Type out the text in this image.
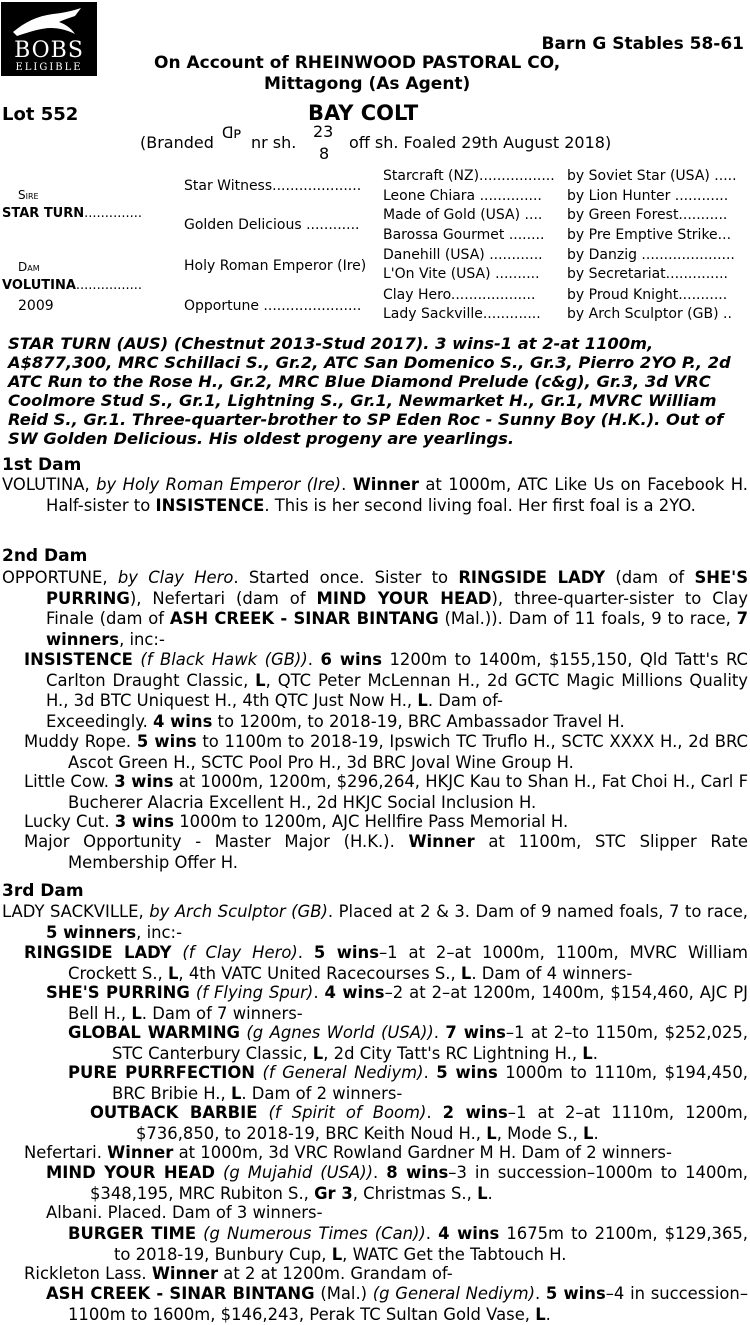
BOBS
ELIGIBLE
Barn G Stables 58-61
On Account of RHEINWOOD PASTORAL CO,
Mittagong (As Agent)
Lot 552	BAY COLT
(Branded ᗡᴘ nr sh.
23
8
off sh. Foaled 29th August 2018)
Sire
STAR TURN..............
Dam
VOLUTINA................
2009
Star Witness....................
Golden Delicious ............
Holy Roman Emperor (Ire)
Opportune ......................
Starcraft (NZ)................. by Soviet Star (USA) .....
Leone Chiara .............. by Lion Hunter ............
Made of Gold (USA) .... by Green Forest...........
Barossa Gourmet ........ by Pre Emptive Strike...
Danehill (USA) ............ by Danzig .....................
L'On Vite (USA) .......... by Secretariat..............
Clay Hero................... by Proud Knight...........
Lady Sackville............. by Arch Sculptor (GB) ..
STAR TURN (AUS) (Chestnut 2013-Stud 2017). 3 wins-1 at 2-at 1100m, A$877,300, MRC Schillaci S., Gr.2, ATC San Domenico S., Gr.3, Pierro 2YO P., 2d ATC Run to the Rose H., Gr.2, MRC Blue Diamond Prelude (c&g), Gr.3, 3d VRC Coolmore Stud S., Gr.1, Lightning S., Gr.1, Newmarket H., Gr.1, MVRC William Reid S., Gr.1. Three-quarter-brother to SP Eden Roc - Sunny Boy (H.K.). Out of SW Golden Delicious. His oldest progeny are yearlings.
1st Dam
VOLUTINA, by Holy Roman Emperor (Ire). Winner at 1000m, ATC Like Us on Facebook H. Half-sister to INSISTENCE. This is her second living foal. Her first foal is a 2YO.
2nd Dam
OPPORTUNE, by Clay Hero. Started once. Sister to RINGSIDE LADY (dam of SHE'S PURRING), Nefertari (dam of MIND YOUR HEAD), three-quarter-sister to Clay Finale (dam of ASH CREEK - SINAR BINTANG (Mal.)). Dam of 11 foals, 9 to race, 7 winners, inc:-
INSISTENCE (f Black Hawk (GB)). 6 wins 1200m to 1400m, $155,150, Qld Tatt's RC Carlton Draught Classic, L, QTC Peter McLennan H., 2d GCTC Magic Millions Quality H., 3d BTC Uniquest H., 4th QTC Just Now H., L. Dam of-
Exceedingly. 4 wins to 1200m, to 2018-19, BRC Ambassador Travel H.
Muddy Rope. 5 wins to 1100m to 2018-19, Ipswich TC Truflo H., SCTC XXXX H., 2d BRC Ascot Green H., SCTC Pool Pro H., 3d BRC Joval Wine Group H.
Little Cow. 3 wins at 1000m, 1200m, $296,264, HKJC Kau to Shan H., Fat Choi H., Carl F Bucherer Alacria Excellent H., 2d HKJC Social Inclusion H.
Lucky Cut. 3 wins 1000m to 1200m, AJC Hellfire Pass Memorial H.
Major Opportunity - Master Major (H.K.). Winner at 1100m, STC Slipper Rate Membership Offer H.
3rd Dam
LADY SACKVILLE, by Arch Sculptor (GB). Placed at 2 & 3. Dam of 9 named foals, 7 to race, 5 winners, inc:-
RINGSIDE LADY (f Clay Hero). 5 wins–1 at 2–at 1000m, 1100m, MVRC William Crockett S., L, 4th VATC United Racecourses S., L. Dam of 4 winners-
SHE'S PURRING (f Flying Spur). 4 wins–2 at 2–at 1200m, 1400m, $154,460, AJC PJ Bell H., L. Dam of 7 winners-
GLOBAL WARMING (g Agnes World (USA)). 7 wins–1 at 2–to 1150m, $252,025, STC Canterbury Classic, L, 2d City Tatt's RC Lightning H., L.
PURE PURRFECTION (f General Nediym). 5 wins 1000m to 1110m, $194,450, BRC Bribie H., L. Dam of 2 winners-
OUTBACK BARBIE (f Spirit of Boom). 2 wins–1 at 2–at 1110m, 1200m, $736,850, to 2018-19, BRC Keith Noud H., L, Mode S., L.
Nefertari. Winner at 1000m, 3d VRC Rowland Gardner M H. Dam of 2 winners-
MIND YOUR HEAD (g Mujahid (USA)). 8 wins–3 in succession–1000m to 1400m, $348,195, MRC Rubiton S., Gr 3, Christmas S., L.
Albani. Placed. Dam of 3 winners-
BURGER TIME (g Numerous Times (Can)). 4 wins 1675m to 2100m, $129,365, to 2018-19, Bunbury Cup, L, WATC Get the Tabtouch H.
Rickleton Lass. Winner at 2 at 1200m. Grandam of-
ASH CREEK - SINAR BINTANG (Mal.) (g General Nediym). 5 wins–4 in succession–1100m to 1600m, $146,243, Perak TC Sultan Gold Vase, L.
